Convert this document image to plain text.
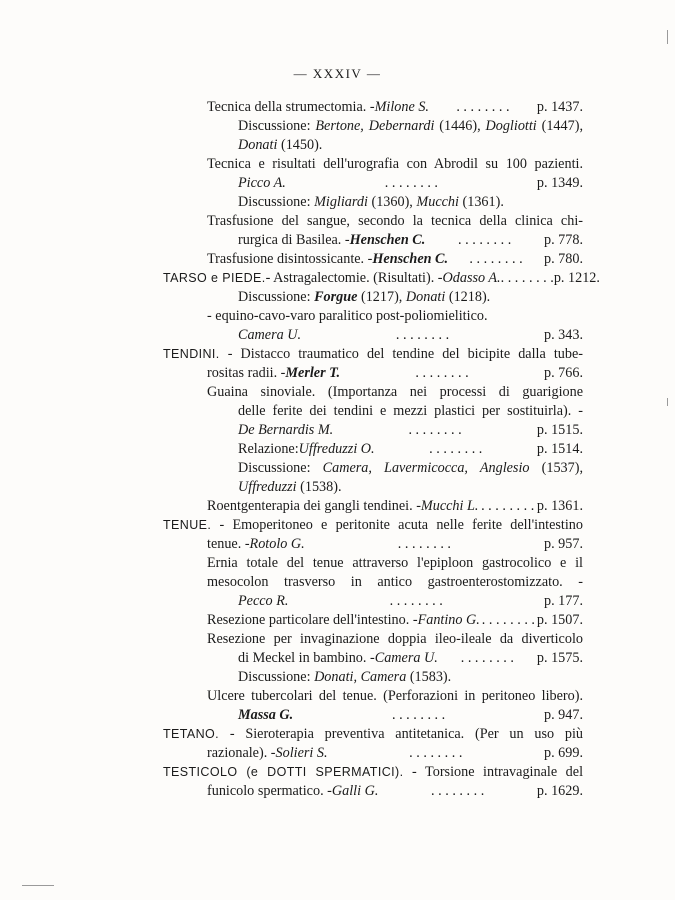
— XXXIV —
Tecnica della strumectomia. - Milone S.	. . . . . . . .	p. 1437.
Discussione: Bertone, Debernardi (1446), Dogliotti (1447),
Donati (1450).
Tecnica e risultati dell'urografia con Abrodil su 100 pazienti.
Picco A.	. . . . . . . .	p. 1349.
Discussione: Migliardi (1360), Mucchi (1361).
Trasfusione del sangue, secondo la tecnica della clinica chi-
rurgica di Basilea. - Henschen C.	. . . . . . . .	p. 778.
Trasfusione disintossicante. - Henschen C.	. . . . . . . .	p. 780.
TARSO e PIEDE. - Astragalectomie. (Risultati). - Odasso A. . . . . . . . . p. 1212.
Discussione: Forgue (1217), Donati (1218).
- equino-cavo-varo paralitico post-poliomielitico.
Camera U.	. . . . . . . .	p. 343.
TENDINI. - Distacco traumatico del tendine del bicipite dalla tube-
rositas radii. - Merler T.	. . . . . . . .	p. 766.
Guaina sinoviale. (Importanza nei processi di guarigione
delle ferite dei tendini e mezzi plastici per sostituirla). -
De Bernardis M.	. . . . . . . .	p. 1515.
Relazione: Uffreduzzi O.	. . . . . . . .	p. 1514.
Discussione: Camera, Lavermicocca, Anglesio (1537),
Uffreduzzi (1538).
Roentgenterapia dei gangli tendinei. - Mucchi L. . . . . . . . . p. 1361.
TENUE. - Emoperitoneo e peritonite acuta nelle ferite dell'intestino
tenue. - Rotolo G.	. . . . . . . .	p. 957.
Ernia totale del tenue attraverso l'epiploon gastrocolico e il
mesocolon trasverso in antico gastroenterostomizzato. -
Pecco R.	. . . . . . . .	p. 177.
Resezione particolare dell'intestino. - Fantino G. . . . . . . . . p. 1507.
Resezione per invaginazione doppia ileo-ileale da diverticolo
di Meckel in bambino. - Camera U.	. . . . . . . .	p. 1575.
Discussione: Donati, Camera (1583).
Ulcere tubercolari del tenue. (Perforazioni in peritoneo libero).
Massa G.	. . . . . . . .	p. 947.
TETANO. - Sieroterapia preventiva antitetanica. (Per un uso più
razionale). - Solieri S.	. . . . . . . .	p. 699.
TESTICOLO (e DOTTI SPERMATICI). - Torsione intravaginale del
funicolo spermatico. - Galli G.	. . . . . . . .	p. 1629.
